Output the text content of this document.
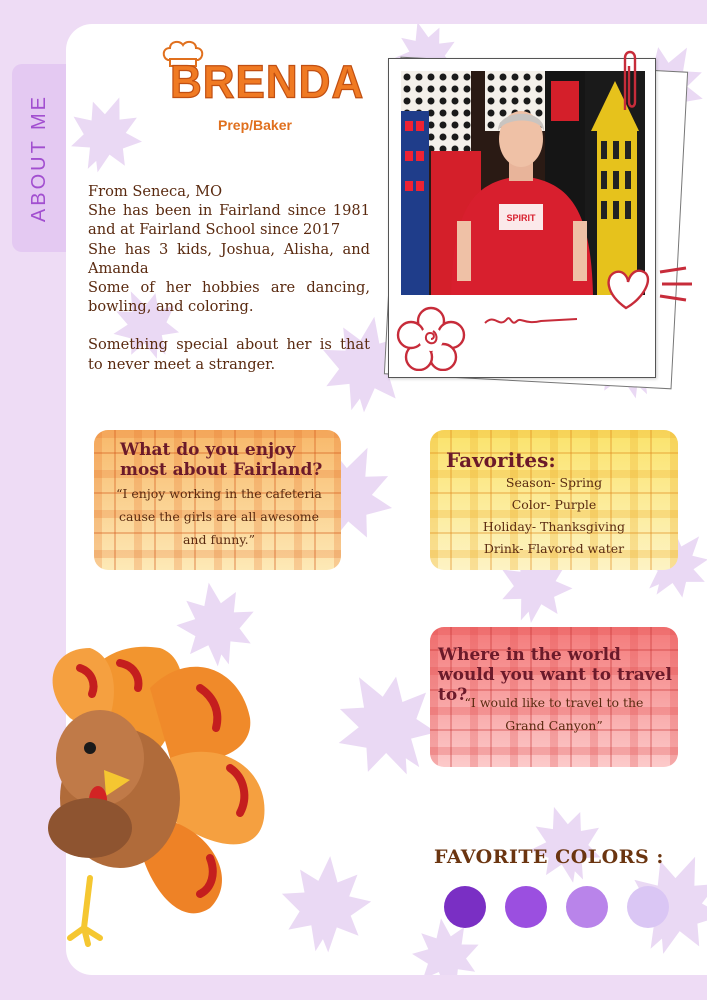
ABOUT ME
BRENDA
Prep/Baker

From Seneca, MO

She has been in Fairland since 1981 and at Fairland School since 2017

She has 3 kids, Joshua, Alisha, and Amanda

Some of her hobbies are dancing, bowling, and coloring.

Something special about her is that to never meet a stranger.

SPIRIT
What do you enjoy most about Fairland?
“I enjoy working in the cafeteria cause the girls are all awesome and funny.”
Favorites:
Season- Spring
Color- Purple
Holiday- Thanksgiving
Drink- Flavored water
Where in the world would you want to travel to?
“I would like to travel to the Grand Canyon”
FAVORITE COLORS :
